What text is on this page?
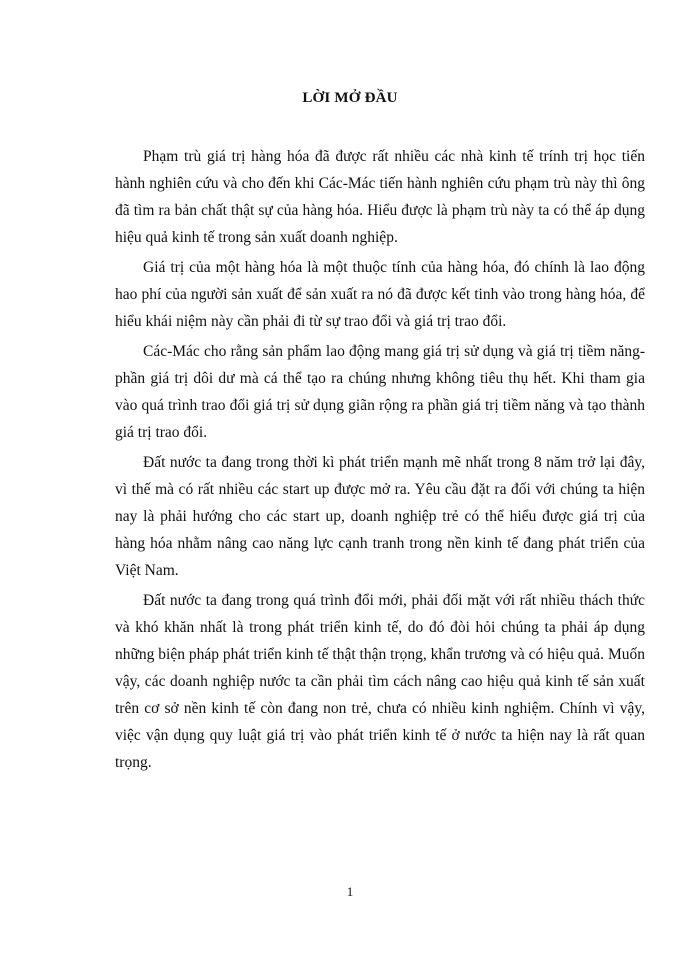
LỜI MỞ ĐẦU

Phạm trù giá trị hàng hóa đã được rất nhiều các nhà kinh tế trính trị học tiến hành nghiên cứu và cho đến khi Các-Mác tiến hành nghiên cứu phạm trù này thì ông đã tìm ra bản chất thật sự của hàng hóa. Hiểu được là phạm trù này ta có thể áp dụng hiệu quả kinh tế trong sản xuất doanh nghiệp.

Giá trị của một hàng hóa là một thuộc tính của hàng hóa, đó chính là lao động hao phí của người sản xuất để sản xuất ra nó đã được kết tinh vào trong hàng hóa, để hiểu khái niệm này cần phải đi từ sự trao đổi và giá trị trao đổi.

Các-Mác cho rằng sản phẩm lao động mang giá trị sử dụng và giá trị tiềm năng-phần giá trị dôi dư mà cá thể tạo ra chúng nhưng không tiêu thụ hết. Khi tham gia vào quá trình trao đổi giá trị sử dụng giãn rộng ra phần giá trị tiềm năng và tạo thành giá trị trao đổi.

Đất nước ta đang trong thời kì phát triển mạnh mẽ nhất trong 8 năm trở lại đây, vì thế mà có rất nhiều các start up được mở ra. Yêu cầu đặt ra đối với chúng ta hiện nay là phải hướng cho các start up, doanh nghiệp trẻ có thể hiểu được giá trị của hàng hóa nhằm nâng cao năng lực cạnh tranh trong nền kinh tế đang phát triển của Việt Nam.

Đất nước ta đang trong quá trình đổi mới, phải đối mặt với rất nhiều thách thức và khó khăn nhất là trong phát triển kinh tế, do đó đòi hỏi chúng ta phải áp dụng những biện pháp phát triển kinh tế thật thận trọng, khẩn trương và có hiệu quả. Muốn vậy, các doanh nghiệp nước ta cần phải tìm cách nâng cao hiệu quả kinh tế sản xuất trên cơ sở nền kinh tế còn đang non trẻ, chưa có nhiều kinh nghiệm. Chính vì vậy, việc vận dụng quy luật giá trị vào phát triển kinh tế ở nước ta hiện nay là rất quan trọng.

1
